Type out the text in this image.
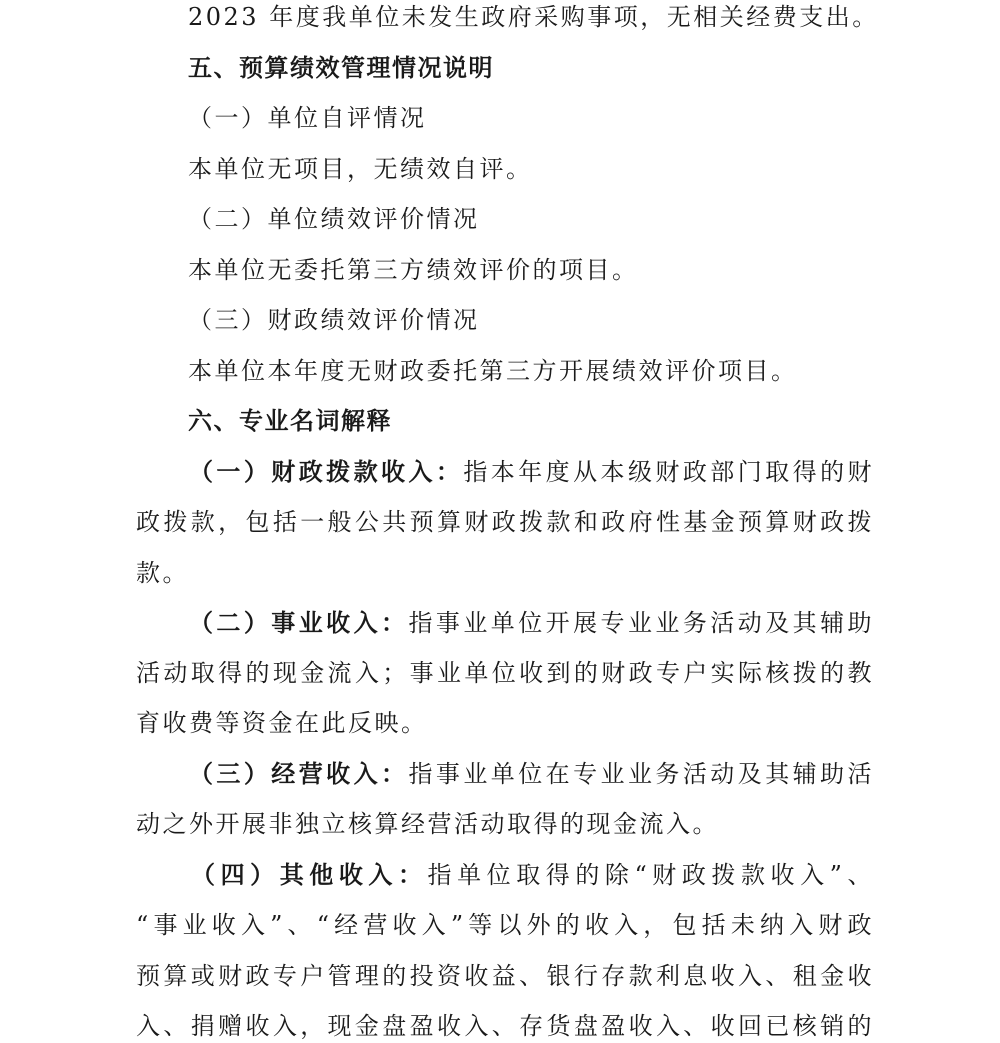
2023 年度我单位未发生政府采购事项，无相关经费支出。
五、预算绩效管理情况说明
（一）单位自评情况
本单位无项目，无绩效自评。
（二）单位绩效评价情况
本单位无委托第三方绩效评价的项目。
（三）财政绩效评价情况
本单位本年度无财政委托第三方开展绩效评价项目。
六、专业名词解释
（一）财政拨款收入：指本年度从本级财政部门取得的财
政拨款，包括一般公共预算财政拨款和政府性基金预算财政拨
款。
（二）事业收入：指事业单位开展专业业务活动及其辅助
活动取得的现金流入；事业单位收到的财政专户实际核拨的教
育收费等资金在此反映。
（三）经营收入：指事业单位在专业业务活动及其辅助活
动之外开展非独立核算经营活动取得的现金流入。
（四）其他收入：指单位取得的除“财政拨款收入”、
“事业收入”、“经营收入”等以外的收入，包括未纳入财政
预算或财政专户管理的投资收益、银行存款利息收入、租金收
入、捐赠收入，现金盘盈收入、存货盘盈收入、收回已核销的
